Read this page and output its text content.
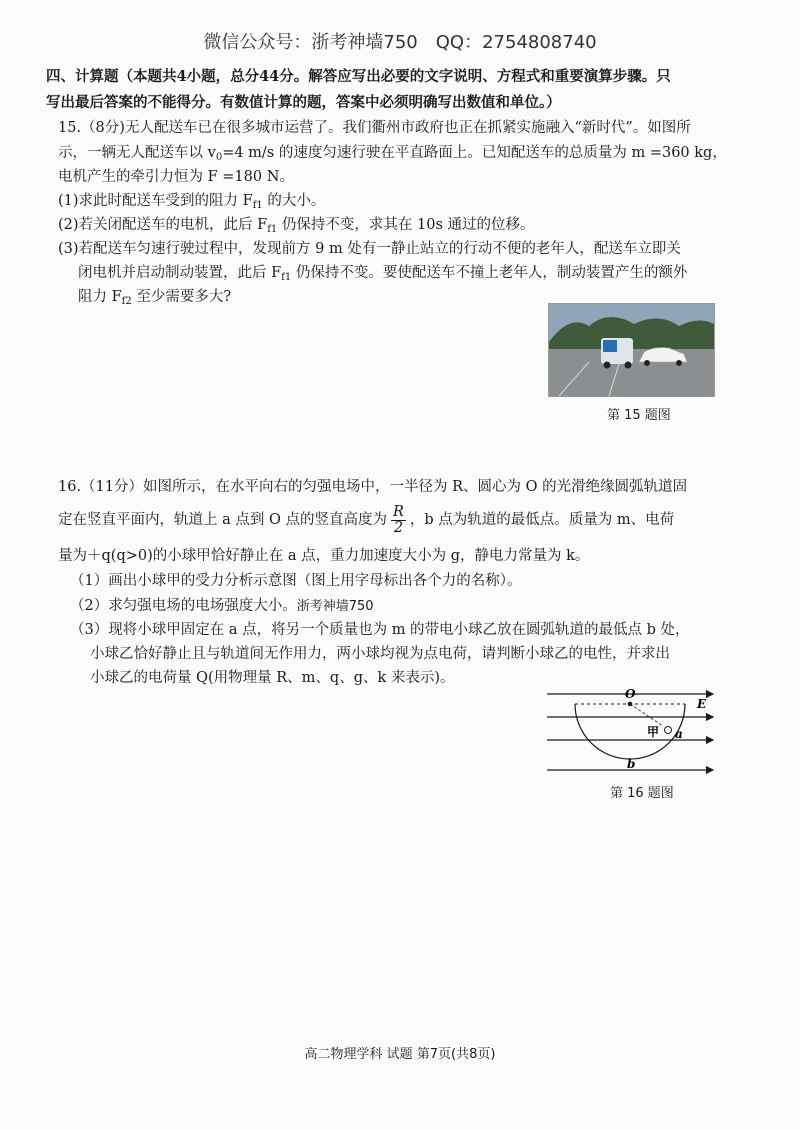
微信公众号：浙考神墙750　QQ：2754808740
四、计算题（本题共4小题，总分44分。解答应写出必要的文字说明、方程式和重要演算步骤。只
写出最后答案的不能得分。有数值计算的题，答案中必须明确写出数值和单位。）
15.（8分)无人配送车已在很多城市运营了。我们衢州市政府也正在抓紧实施融入“新时代”。如图所
示，一辆无人配送车以 $v_0=4$ m/s 的速度匀速行驶在平直路面上。已知配送车的总质量为 m =360 kg，
电机产生的牵引力恒为 F =180 N。
(1)求此时配送车受到的阻力 $F_{f1}$ 的大小。
(2)若关闭配送车的电机，此后 $F_{f1}$ 仍保持不变，求其在 10s 通过的位移。
(3)若配送车匀速行驶过程中，发现前方 9 m 处有一静止站立的行动不便的老年人，配送车立即关
闭电机并启动制动装置，此后 $F_{f1}$ 仍保持不变。要使配送车不撞上老年人，制动装置产生的额外
阻力 $F_{f2}$ 至少需要多大?
第 15 题图
16.（11分）如图所示，在水平向右的匀强电场中，一半径为 R、圆心为 O 的光滑绝缘圆弧轨道固
定在竖直平面内，轨道上 a 点到 O 点的竖直高度为 $\frac{R}{2}$ ，b 点为轨道的最低点。质量为 m、电荷
量为＋q(q>0)的小球甲恰好静止在 a 点，重力加速度大小为 g，静电力常量为 k。
（1）画出小球甲的受力分析示意图（图上用字母标出各个力的名称）。
（2）求匀强电场的电场强度大小。浙考神墙750
（3）现将小球甲固定在 a 点，将另一个质量也为 m 的带电小球乙放在圆弧轨道的最低点 b 处，
小球乙恰好静止且与轨道间无作用力，两小球均视为点电荷，请判断小球乙的电性，并求出
小球乙的电荷量 Q(用物理量 R、m、q、g、k 来表示)。
O
E
甲 a
b
第 16 题图
高二物理学科 试题 第7页(共8页)
